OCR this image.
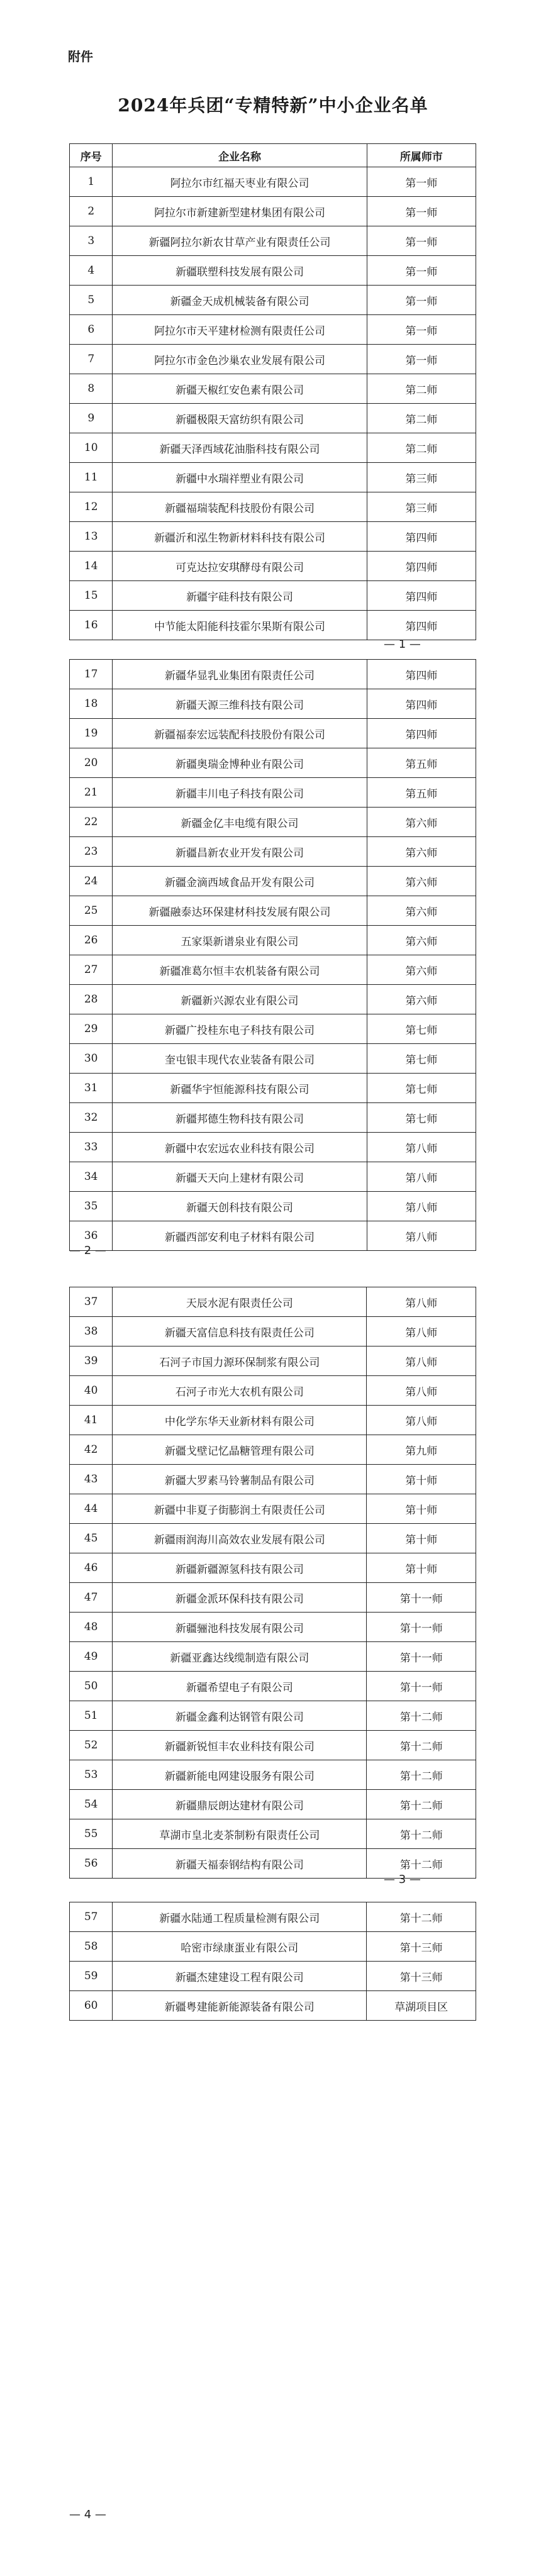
附件
2024年兵团“专精特新”中小企业名单
序号	企业名称	所属师市
1	阿拉尔市红福天枣业有限公司	第一师
2	阿拉尔市新建新型建材集团有限公司	第一师
3	新疆阿拉尔新农甘草产业有限责任公司	第一师
4	新疆联塑科技发展有限公司	第一师
5	新疆金天成机械装备有限公司	第一师
6	阿拉尔市天平建材检测有限责任公司	第一师
7	阿拉尔市金色沙巢农业发展有限公司	第一师
8	新疆天椒红安色素有限公司	第二师
9	新疆极限天富纺织有限公司	第二师
10	新疆天泽西域花油脂科技有限公司	第二师
11	新疆中水瑞祥塑业有限公司	第三师
12	新疆福瑞装配科技股份有限公司	第三师
13	新疆沂和泓生物新材料科技有限公司	第四师
14	可克达拉安琪酵母有限公司	第四师
15	新疆宇硅科技有限公司	第四师
16	中节能太阳能科技霍尔果斯有限公司	第四师
— 1 —
17	新疆华显乳业集团有限责任公司	第四师
18	新疆天源三维科技有限公司	第四师
19	新疆福泰宏远装配科技股份有限公司	第四师
20	新疆奥瑞金博种业有限公司	第五师
21	新疆丰川电子科技有限公司	第五师
22	新疆金亿丰电缆有限公司	第六师
23	新疆昌新农业开发有限公司	第六师
24	新疆金滴西域食品开发有限公司	第六师
25	新疆融泰达环保建材科技发展有限公司	第六师
26	五家渠新谱泉业有限公司	第六师
27	新疆准葛尔恒丰农机装备有限公司	第六师
28	新疆新兴源农业有限公司	第六师
29	新疆广投桂东电子科技有限公司	第七师
30	奎屯银丰现代农业装备有限公司	第七师
31	新疆华宇恒能源科技有限公司	第七师
32	新疆邦德生物科技有限公司	第七师
33	新疆中农宏远农业科技有限公司	第八师
34	新疆天天向上建材有限公司	第八师
35	新疆天创科技有限公司	第八师
36	新疆西部安利电子材料有限公司	第八师
— 2 —
37	天辰水泥有限责任公司	第八师
38	新疆天富信息科技有限责任公司	第八师
39	石河子市国力源环保制浆有限公司	第八师
40	石河子市光大农机有限公司	第八师
41	中化学东华天业新材料有限公司	第八师
42	新疆戈壁记忆晶糖管理有限公司	第九师
43	新疆大罗素马铃薯制品有限公司	第十师
44	新疆中非夏子街膨润土有限责任公司	第十师
45	新疆雨润海川高效农业发展有限公司	第十师
46	新疆新疆源氢科技有限公司	第十师
47	新疆金派环保科技有限公司	第十一师
48	新疆骊池科技发展有限公司	第十一师
49	新疆亚鑫达线缆制造有限公司	第十一师
50	新疆希望电子有限公司	第十一师
51	新疆金鑫利达钢管有限公司	第十二师
52	新疆新锐恒丰农业科技有限公司	第十二师
53	新疆新能电网建设服务有限公司	第十二师
54	新疆鼎辰朗达建材有限公司	第十二师
55	草湖市皇北麦茶制粉有限责任公司	第十二师
56	新疆天福泰钢结构有限公司	第十二师
— 3 —
57	新疆水陆通工程质量检测有限公司	第十二师
58	哈密市绿康蛋业有限公司	第十三师
59	新疆杰建建设工程有限公司	第十三师
60	新疆粤建能新能源装备有限公司	草湖项目区
— 4 —
